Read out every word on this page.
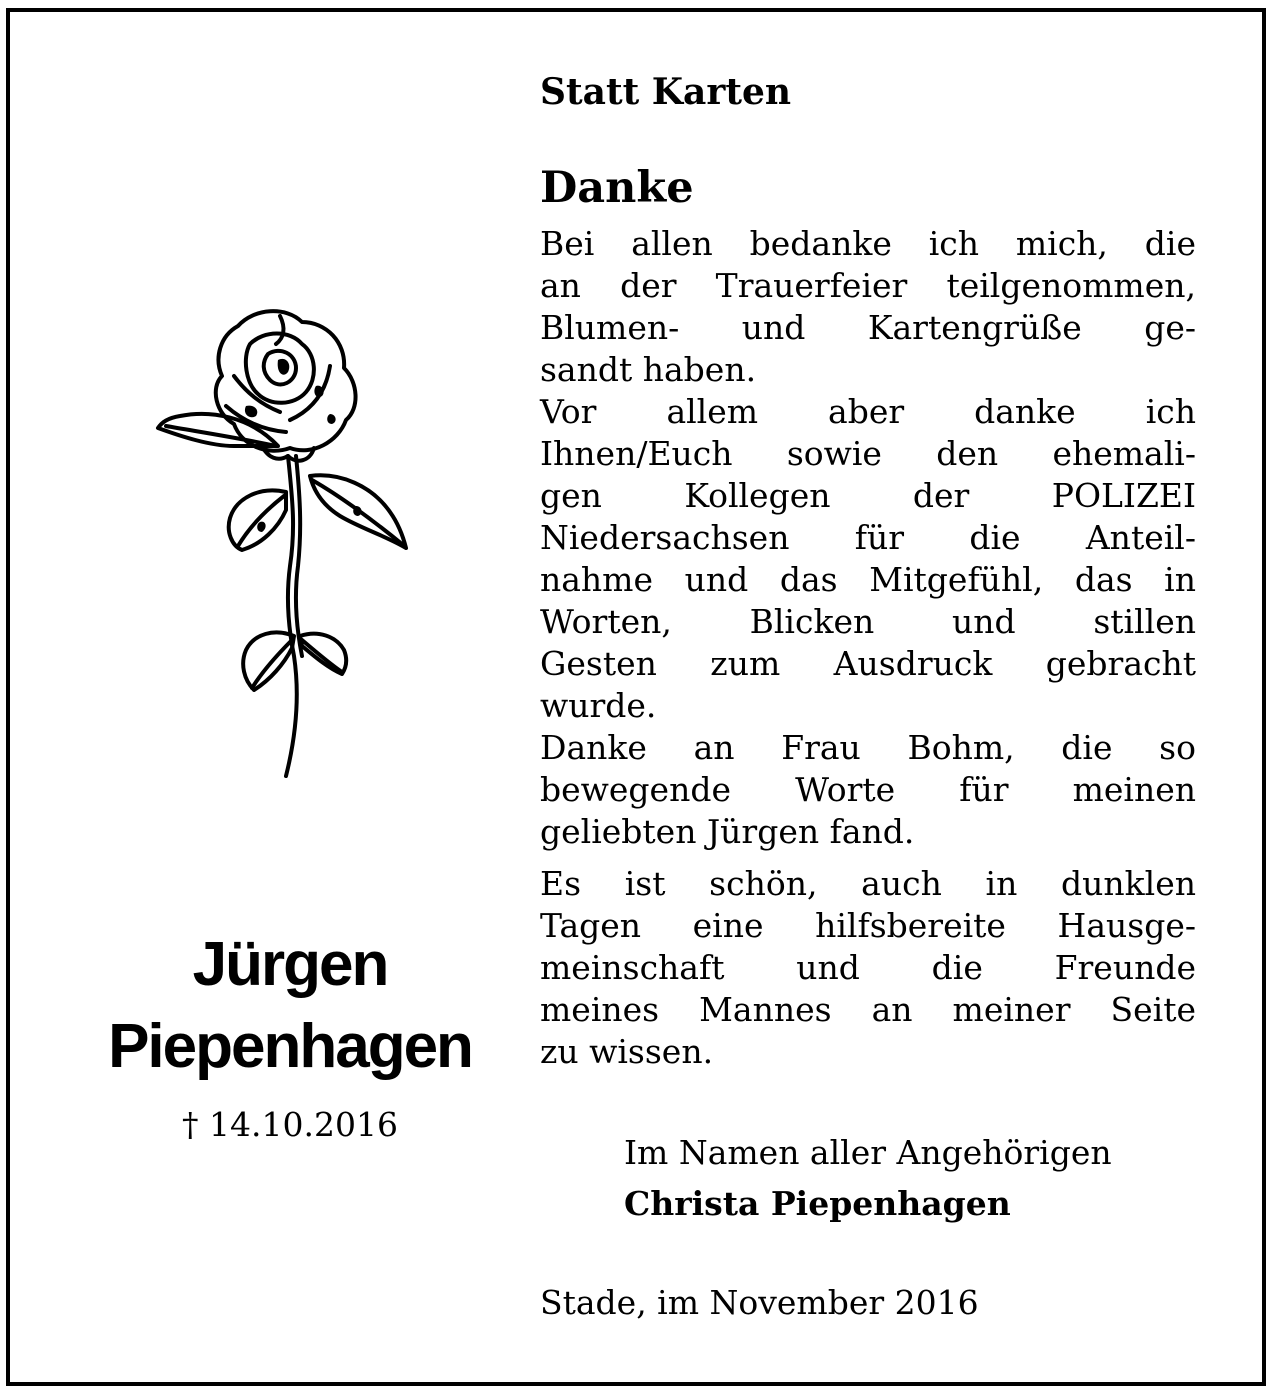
Jürgen
Piepenhagen
† 14.10.2016
Statt Karten
Danke
Bei allen bedanke ich mich, die
an der Trauerfeier teilgenommen,
Blumen- und Kartengrüße ge-
sandt haben.
Vor allem aber danke ich
Ihnen/Euch sowie den ehemali-
gen Kollegen der POLIZEI
Niedersachsen für die Anteil-
nahme und das Mitgefühl, das in
Worten, Blicken und stillen
Gesten zum Ausdruck gebracht
wurde.
Danke an Frau Bohm, die so
bewegende Worte für meinen
geliebten Jürgen fand.
Es ist schön, auch in dunklen
Tagen eine hilfsbereite Hausge-
meinschaft und die Freunde
meines Mannes an meiner Seite
zu wissen.
Im Namen aller Angehörigen
Christa Piepenhagen
Stade, im November 2016
